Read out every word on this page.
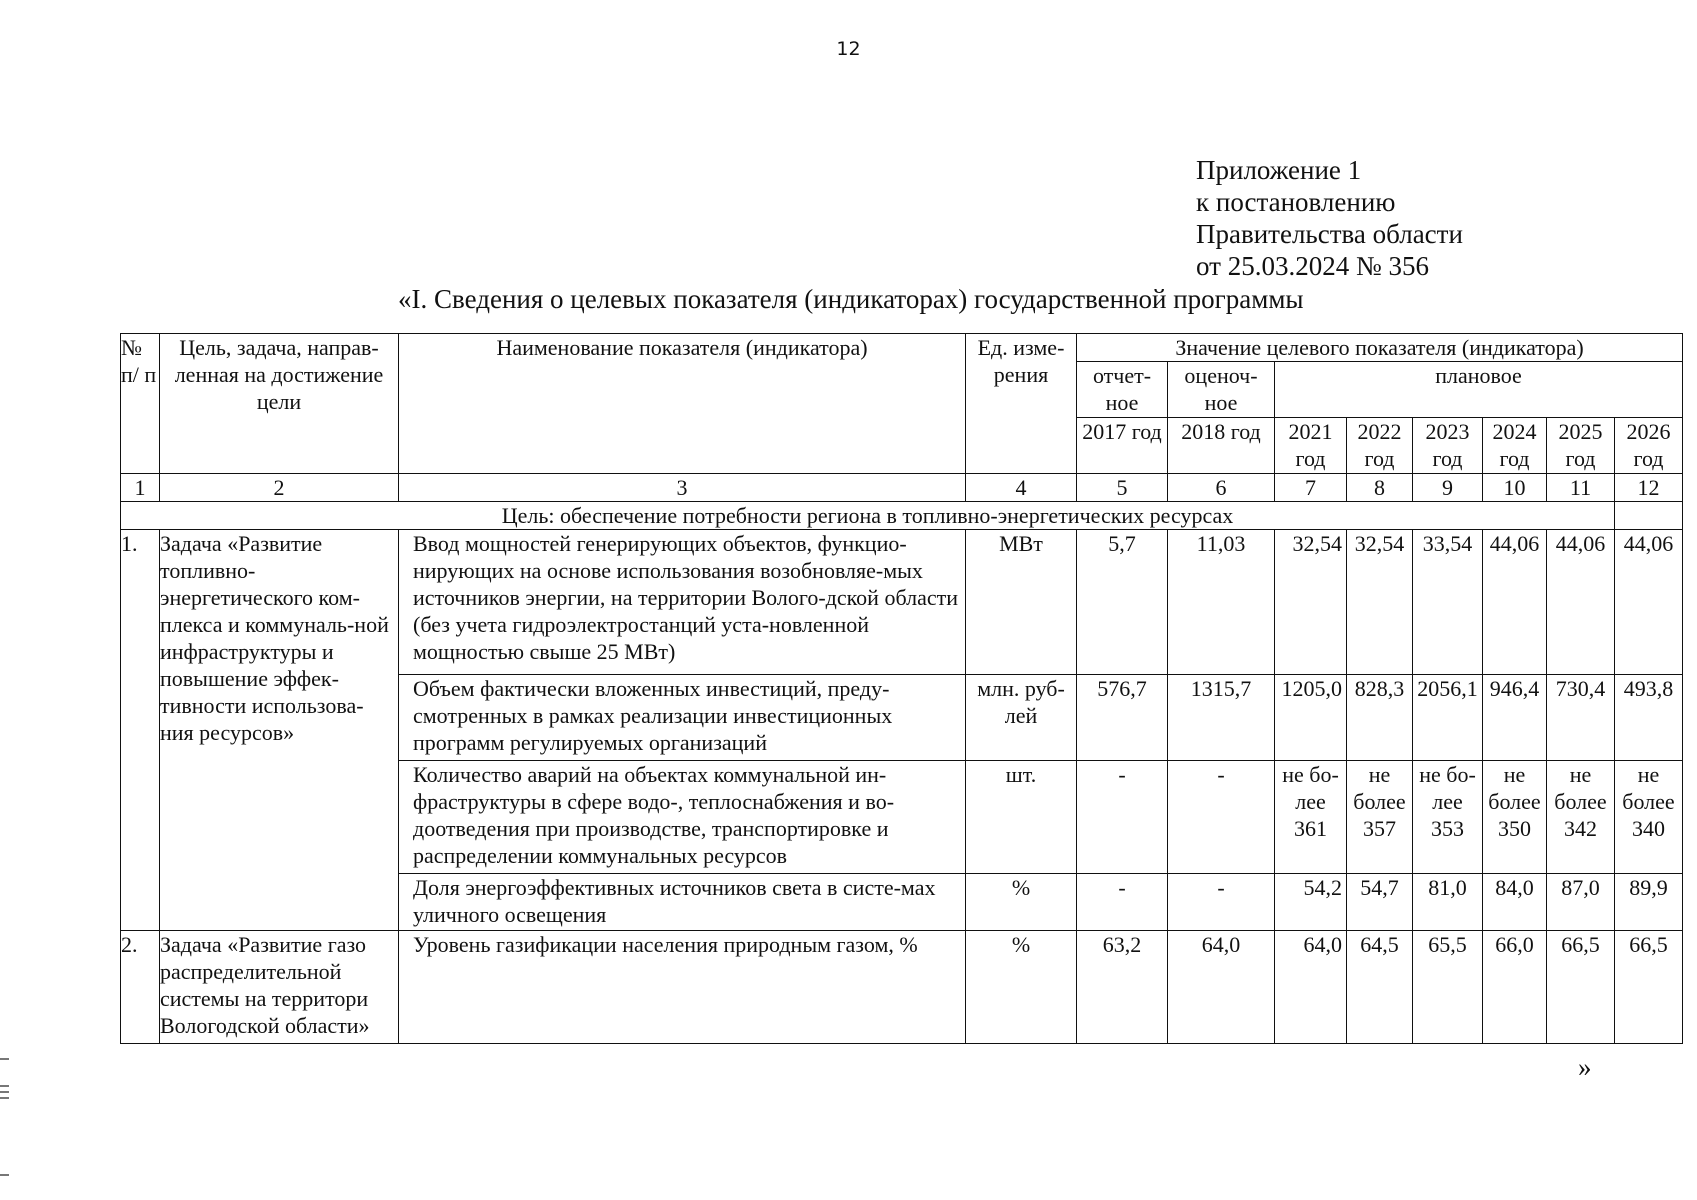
12
Приложение 1
к постановлению
Правительства области
от 25.03.2024 № 356
«I. Сведения о целевых показателя (индикаторах) государственной программы
№ п/ п	Цель, задача, направ-ленная на достижение цели	Наименование показателя (индикатора)	Ед. изме-рения	Значение целевого показателя (индикатора)							
				отчет-ное	оценоч-ное	плановое					
				2017 год	2018 год	2021 год	2022 год	2023 год	2024 год	2025 год	2026 год
1	2	3	4	5	6	7	8	9	10	11	12
Цель: обеспечение потребности региона в топливно-энергетических ресурсах											
1.	Задача «Развитие топливно-энергетического ком-плекса и коммуналь-ной инфраструктуры и повышение эффек-тивности использова-ния ресурсов»	Ввод мощностей генерирующих объектов, функцио-нирующих на основе использования возобновляе-мых источников энергии, на территории Волого-дской области (без учета гидроэлектростанций уста-новленной мощностью свыше 25 МВт)	МВт	5,7	11,03	32,54	32,54	33,54	44,06	44,06	44,06
		Объем фактически вложенных инвестиций, преду-смотренных в рамках реализации инвестиционных программ регулируемых организаций	млн. руб-лей	576,7	1315,7	1205,0	828,3	2056,1	946,4	730,4	493,8
		Количество аварий на объектах коммунальной ин-фраструктуры в сфере водо-, теплоснабжения и во-доотведения при производстве, транспортировке и распределении коммунальных ресурсов	шт.	-	-	не бо-лее 361	не более 357	не бо-лее 353	не более 350	не более 342	не более 340
		Доля энергоэффективных источников света в систе-мах уличного освещения	%	-	-	54,2	54,7	81,0	84,0	87,0	89,9
2.	Задача «Развитие газо распределительной системы на территори Вологодской области»	Уровень газификации населения природным газом, %	%	63,2	64,0	64,0	64,5	65,5	66,0	66,5	66,5
»
